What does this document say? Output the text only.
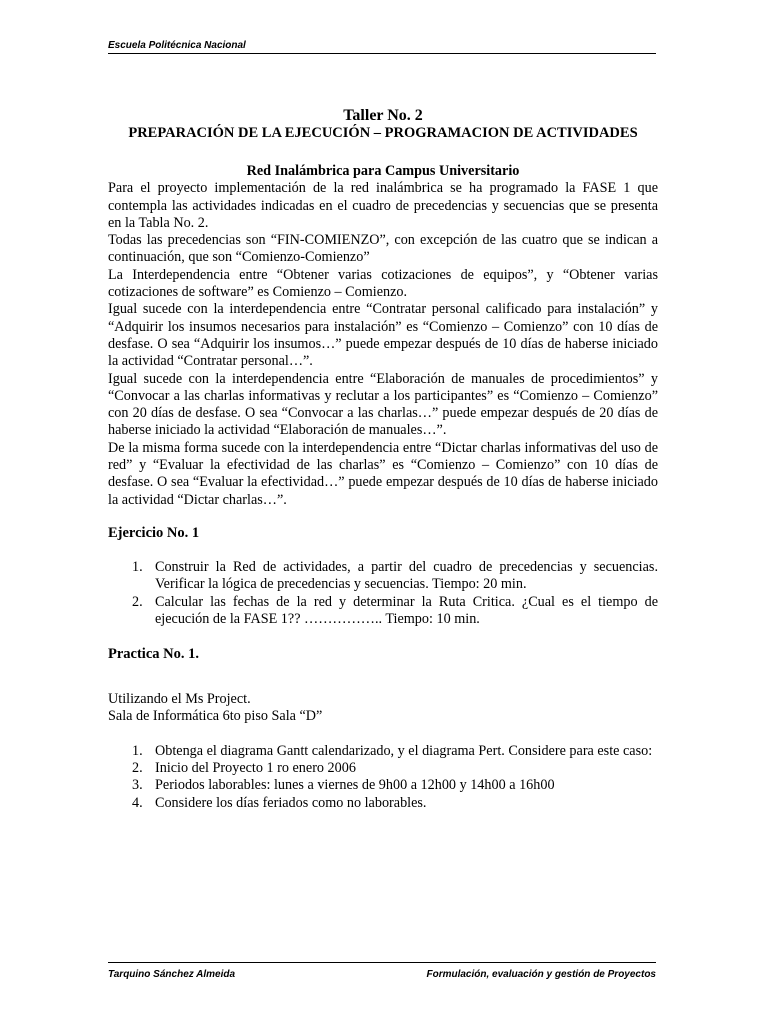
Escuela Politécnica Nacional
Taller No. 2
PREPARACIÓN DE LA EJECUCIÓN – PROGRAMACION DE ACTIVIDADES
Red Inalámbrica para Campus Universitario

Para el proyecto implementación de la red inalámbrica se ha programado la FASE 1 que contempla las actividades indicadas en el cuadro de precedencias y secuencias que se presenta en la Tabla No. 2.

Todas las precedencias son “FIN-COMIENZO”, con excepción de las cuatro que se indican a continuación, que son “Comienzo-Comienzo”

La Interdependencia entre “Obtener varias cotizaciones de equipos”, y “Obtener varias cotizaciones de software” es Comienzo – Comienzo.

Igual sucede con la interdependencia entre “Contratar personal calificado para instalación” y “Adquirir los insumos necesarios para instalación” es “Comienzo – Comienzo” con 10 días de desfase. O sea “Adquirir los insumos…” puede empezar después de 10 días de haberse iniciado la actividad “Contratar personal…”.

Igual sucede con la interdependencia entre “Elaboración de manuales de procedimientos” y “Convocar a las charlas informativas y reclutar a los participantes” es “Comienzo – Comienzo” con 20 días de desfase. O sea “Convocar a las charlas…” puede empezar después de 20 días de haberse iniciado la actividad “Elaboración de manuales…”.

De la misma forma sucede con la interdependencia entre “Dictar charlas informativas del uso de red” y “Evaluar la efectividad de las charlas” es “Comienzo – Comienzo” con 10 días de desfase. O sea “Evaluar la efectividad…” puede empezar después de 10 días de haberse iniciado la actividad “Dictar charlas…”.

Ejercicio No. 1
1. Construir la Red de actividades, a partir del cuadro de precedencias y secuencias. Verificar la lógica de precedencias y secuencias. Tiempo: 20 min.
2. Calcular las fechas de la red y determinar la Ruta Critica. ¿Cual es el tiempo de ejecución de la FASE 1?? …………….. Tiempo: 10 min.
Practica No. 1.

Utilizando el Ms Project.

Sala de Informática 6to piso Sala “D”

1. Obtenga el diagrama Gantt calendarizado, y el diagrama Pert. Considere para este caso:
2. Inicio del Proyecto 1 ro enero 2006
3. Periodos laborables: lunes a viernes de 9h00 a 12h00 y 14h00 a 16h00
4. Considere los días feriados como no laborables.
Tarquino Sánchez Almeida	Formulación, evaluación y gestión de Proyectos
